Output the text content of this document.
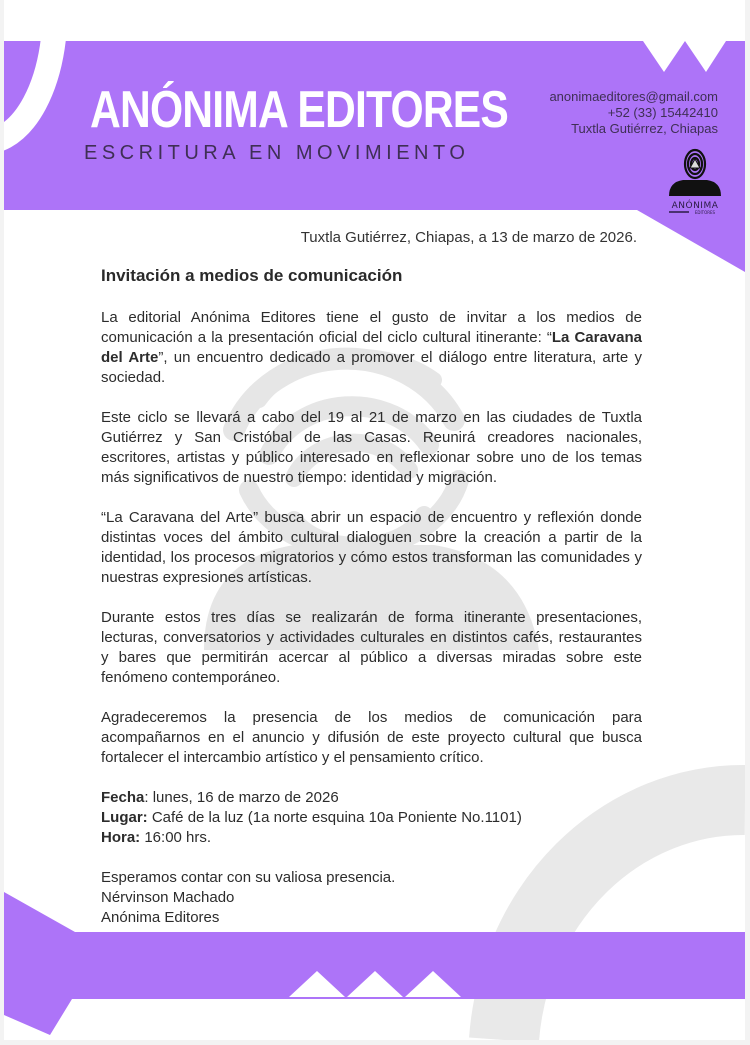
ANÓNIMA EDITORES
ESCRITURA EN MOVIMIENTO
anonimaeditores@gmail.com
+52 (33) 15442410
Tuxtla Gutiérrez, Chiapas
ANÓNIMA
EDITORES
Tuxtla Gutiérrez, Chiapas, a 13 de marzo de 2026.
Invitación a medios de comunicación

La editorial Anónima Editores tiene el gusto de invitar a los medios de comunicación a la presentación oficial del ciclo cultural itinerante: “La Caravana del Arte”, un encuentro dedicado a promover el diálogo entre literatura, arte y sociedad.

Este ciclo se llevará a cabo del 19 al 21 de marzo en las ciudades de Tuxtla Gutiérrez y San Cristóbal de las Casas. Reunirá creadores nacionales, escritores, artistas y público interesado en reflexionar sobre uno de los temas más significativos de nuestro tiempo: identidad y migración.

“La Caravana del Arte” busca abrir un espacio de encuentro y reflexión donde distintas voces del ámbito cultural dialoguen sobre la creación a partir de la identidad, los procesos migratorios y cómo estos transforman las comunidades y nuestras expresiones artísticas.

Durante estos tres días se realizarán de forma itinerante presentaciones, lecturas, conversatorios y actividades culturales en distintos cafés, restaurantes y bares que permitirán acercar al público a diversas miradas sobre este fenómeno contemporáneo.

Agradeceremos la presencia de los medios de comunicación para acompañarnos en el anuncio y difusión de este proyecto cultural que busca fortalecer el intercambio artístico y el pensamiento crítico.

Fecha: lunes, 16 de marzo de 2026
Lugar: Café de la luz (1a norte esquina 10a Poniente No.1101)
Hora: 16:00 hrs.
Esperamos contar con su valiosa presencia.
Nérvinson Machado
Anónima Editores
